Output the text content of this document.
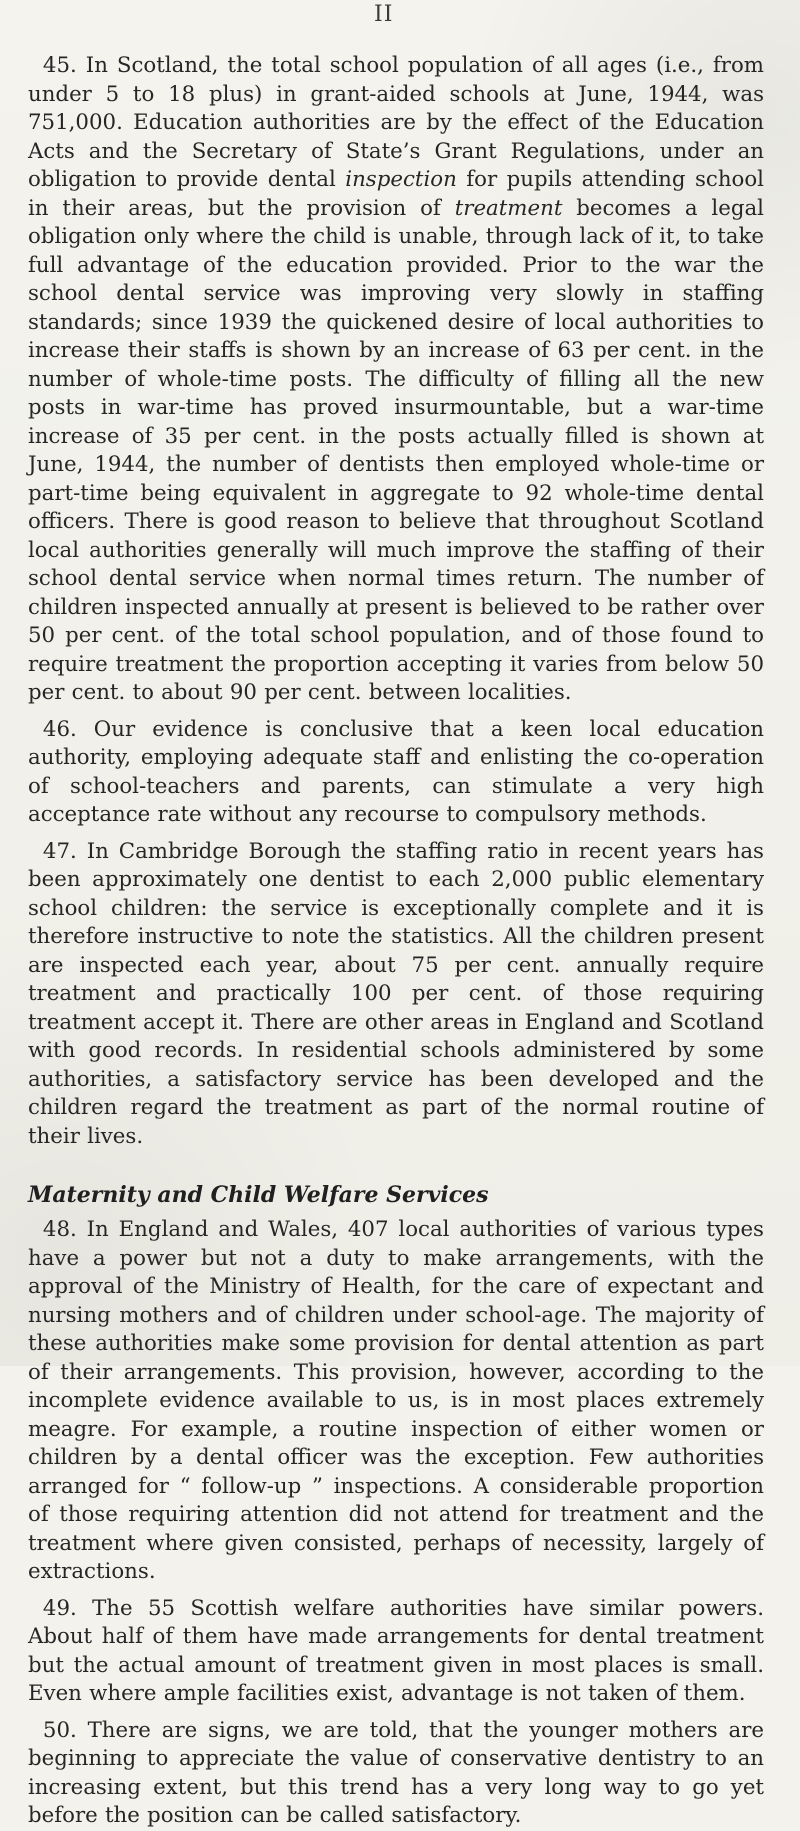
II

45. In Scotland, the total school population of all ages (i.e., from under 5 to 18 plus) in grant-aided schools at June, 1944, was 751,000. Education authorities are by the effect of the Education Acts and the Secretary of State’s Grant Regulations, under an obligation to provide dental inspection for pupils attending school in their areas, but the provision of treatment becomes a legal obligation only where the child is unable, through lack of it, to take full advantage of the education provided. Prior to the war the school dental service was improving very slowly in staffing standards; since 1939 the quickened desire of local authorities to increase their staffs is shown by an increase of 63 per cent. in the number of whole-time posts. The difficulty of filling all the new posts in war-time has proved insurmountable, but a war-time increase of 35 per cent. in the posts actually filled is shown at June, 1944, the number of dentists then employed whole-time or part-time being equivalent in aggregate to 92 whole-time dental officers. There is good reason to believe that throughout Scotland local authorities generally will much improve the staffing of their school dental service when normal times return. The number of children inspected annually at present is believed to be rather over 50 per cent. of the total school population, and of those found to require treatment the proportion accepting it varies from below 50 per cent. to about 90 per cent. between localities.

46. Our evidence is conclusive that a keen local education authority, employing adequate staff and enlisting the co-operation of school-teachers and parents, can stimulate a very high acceptance rate without any recourse to compulsory methods.

47. In Cambridge Borough the staffing ratio in recent years has been approximately one dentist to each 2,000 public elementary school children: the service is exceptionally complete and it is therefore instructive to note the statistics. All the children present are inspected each year, about 75 per cent. annually require treatment and practically 100 per cent. of those requiring treatment accept it. There are other areas in England and Scotland with good records. In residential schools administered by some authorities, a satisfactory service has been developed and the children regard the treatment as part of the normal routine of their lives.

Maternity and Child Welfare Services

48. In England and Wales, 407 local authorities of various types have a power but not a duty to make arrangements, with the approval of the Ministry of Health, for the care of expectant and nursing mothers and of children under school-age. The majority of these authorities make some provision for dental attention as part of their arrangements. This provision, however, according to the incomplete evidence available to us, is in most places extremely meagre. For example, a routine inspection of either women or children by a dental officer was the exception. Few authorities arranged for “ follow-up ” inspections. A considerable proportion of those requiring attention did not attend for treatment and the treatment where given consisted, perhaps of necessity, largely of extractions.

49. The 55 Scottish welfare authorities have similar powers. About half of them have made arrangements for dental treatment but the actual amount of treatment given in most places is small. Even where ample facilities exist, advantage is not taken of them.

50. There are signs, we are told, that the younger mothers are beginning to appreciate the value of conservative dentistry to an increasing extent, but this trend has a very long way to go yet before the position can be called satisfactory.
